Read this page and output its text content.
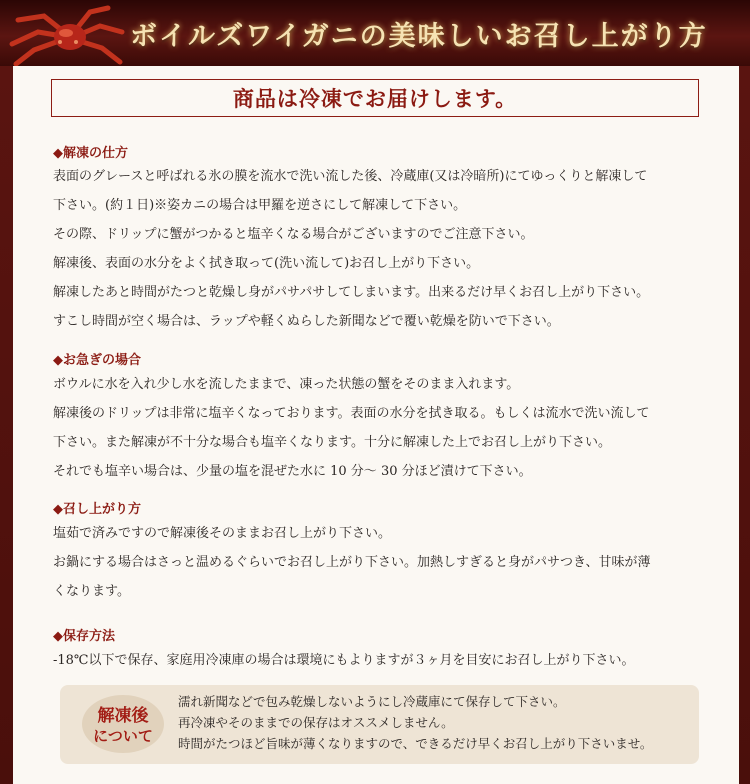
ボイルズワイガニの美味しいお召し上がり方
商品は冷凍でお届けします。
◆解凍の仕方
表面のグレースと呼ばれる氷の膜を流水で洗い流した後、冷蔵庫(又は冷暗所)にてゆっくりと解凍して
下さい。(約１日)※姿カニの場合は甲羅を逆さにして解凍して下さい。
その際、ドリップに蟹がつかると塩辛くなる場合がございますのでご注意下さい。
解凍後、表面の水分をよく拭き取って(洗い流して)お召し上がり下さい。
解凍したあと時間がたつと乾燥し身がパサパサしてしまいます。出来るだけ早くお召し上がり下さい。
すこし時間が空く場合は、ラップや軽くぬらした新聞などで覆い乾燥を防いで下さい。
◆お急ぎの場合
ボウルに水を入れ少し水を流したままで、凍った状態の蟹をそのまま入れます。
解凍後のドリップは非常に塩辛くなっております。表面の水分を拭き取る。もしくは流水で洗い流して
下さい。また解凍が不十分な場合も塩辛くなります。十分に解凍した上でお召し上がり下さい。
それでも塩辛い場合は、少量の塩を混ぜた水に 10 分〜 30 分ほど漬けて下さい。
◆召し上がり方
塩茹で済みですので解凍後そのままお召し上がり下さい。
お鍋にする場合はさっと温めるぐらいでお召し上がり下さい。加熱しすぎると身がパサつき、甘味が薄
くなります。
◆保存方法
-18℃以下で保存、家庭用冷凍庫の場合は環境にもよりますが３ヶ月を目安にお召し上がり下さい。
解凍後
について
濡れ新聞などで包み乾燥しないようにし冷蔵庫にて保存して下さい。
再冷凍やそのままでの保存はオススメしません。
時間がたつほど旨味が薄くなりますので、できるだけ早くお召し上がり下さいませ。
